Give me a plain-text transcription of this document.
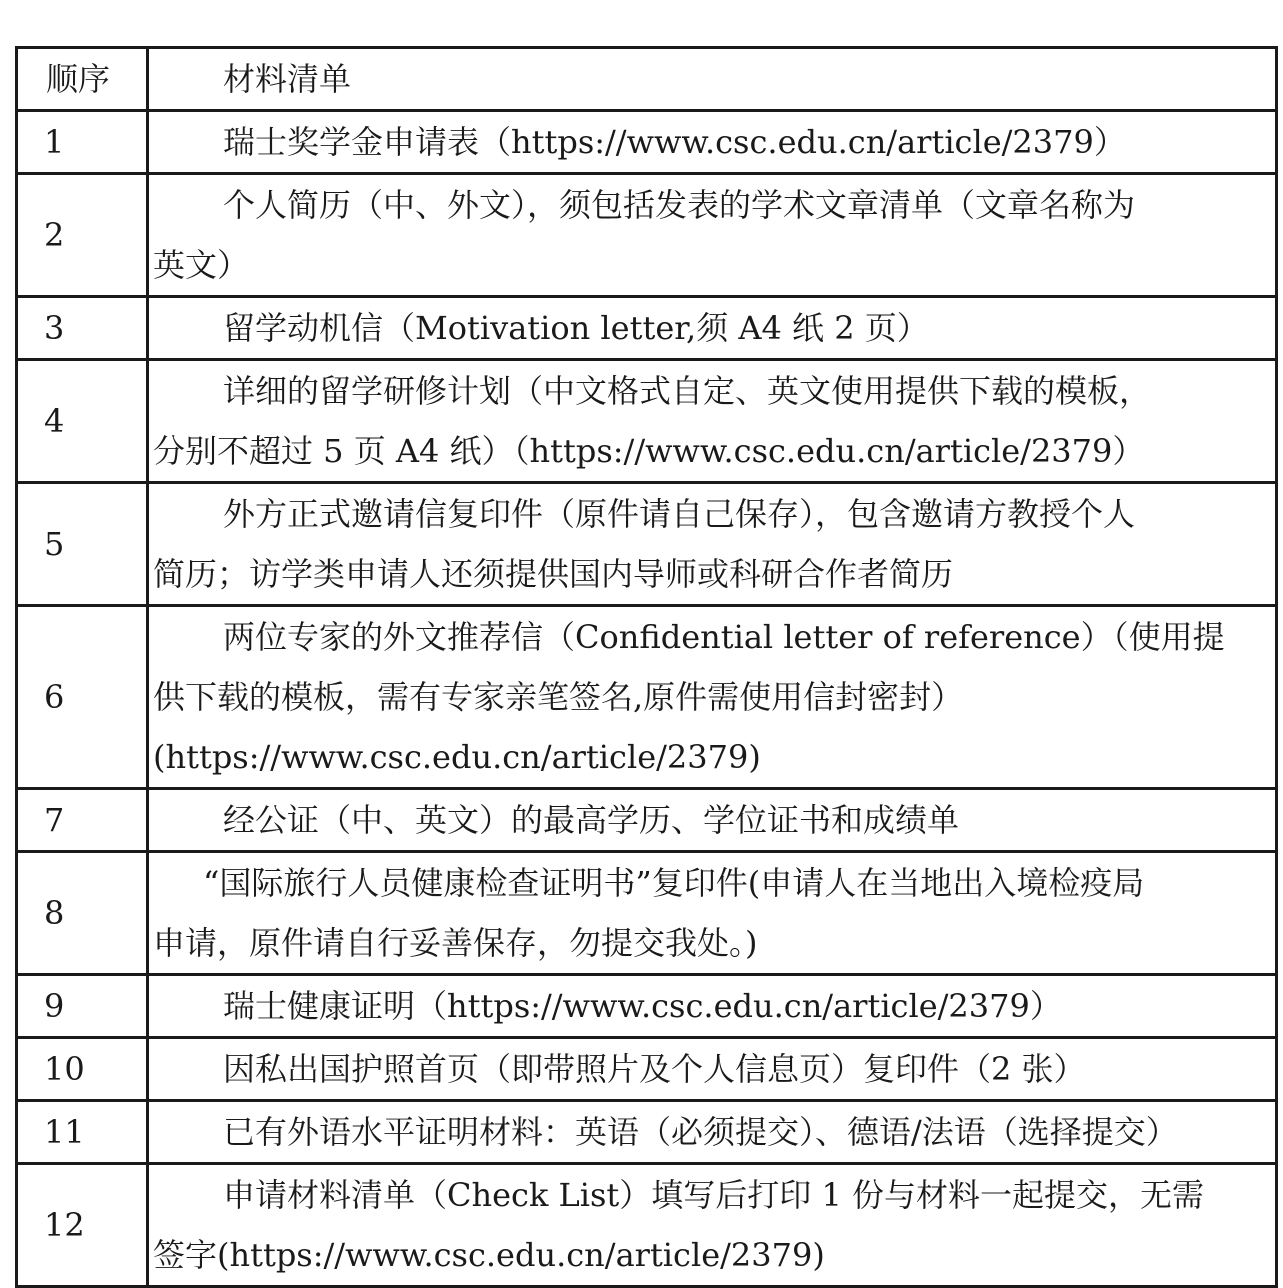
顺序	材料清单
1	瑞士奖学金申请表（https://www.csc.edu.cn/article/2379）
2	个人简历（中、外文），须包括发表的学术文章清单（文章名称为
英文）

3	留学动机信（Motivation letter,须 A4 纸 2 页）
4	详细的留学研修计划（中文格式自定、英文使用提供下载的模板，
分别不超过 5 页 A4 纸）（https://www.csc.edu.cn/article/2379）

5	外方正式邀请信复印件（原件请自己保存），包含邀请方教授个人
简历；访学类申请人还须提供国内导师或科研合作者简历

6	两位专家的外文推荐信（Confidential letter of reference）（使用提
供下载的模板，需有专家亲笔签名,原件需使用信封密封）
(https://www.csc.edu.cn/article/2379)

7	经公证（中、英文）的最高学历、学位证书和成绩单
8	“国际旅行人员健康检查证明书”复印件(申请人在当地出入境检疫局
申请，原件请自行妥善保存，勿提交我处。)

9	瑞士健康证明（https://www.csc.edu.cn/article/2379）
10	因私出国护照首页（即带照片及个人信息页）复印件（2 张）
11	已有外语水平证明材料：英语（必须提交）、德语/法语（选择提交）
12	申请材料清单（Check List）填写后打印 1 份与材料一起提交，无需
签字(https://www.csc.edu.cn/article/2379)
